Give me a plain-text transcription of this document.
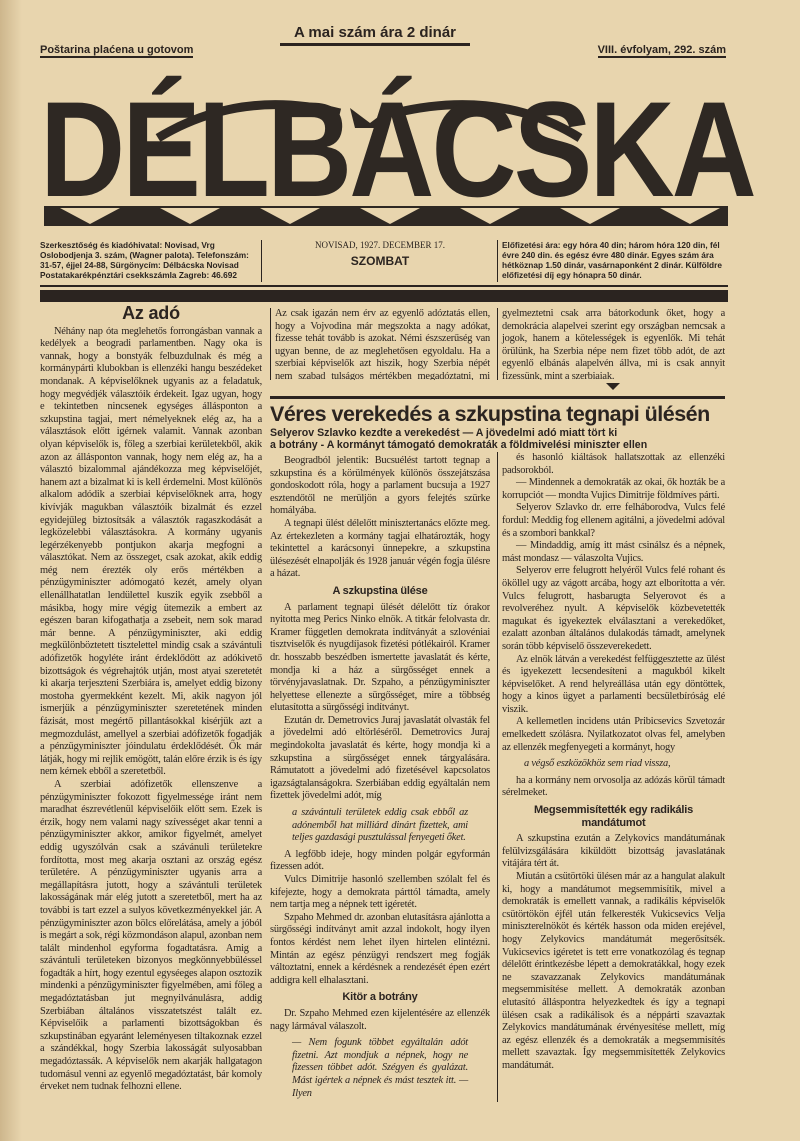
A mai szám ára 2 dinár
Poštarina plaćena u gotovom	VIII. évfolyam, 292. szám
DÉLBÁCSKA
Szerkesztőség és kiadóhivatal: Novisad, Vrg Oslobodjenja 3. szám, (Wagner palota). Telefonszám: 31-57, éjjel 24-88, Sürgönycím: Délbácska Novisad Postatakarékpénztári csekkszámla Zagreb: 46.692
NOVISAD, 1927. DECEMBER 17.
SZOMBAT
Előfizetési ára: egy hóra 40 din; három hóra 120 din, fél évre 240 din. és egész évre 480 dinár. Egyes szám ára hétköznap 1.50 dinár, vasárnaponként 2 dinár. Külföldre előfizetési díj egy hónapra 50 dinár.
Az adó

Néhány nap óta meglehetős forrongásban vannak a kedélyek a beogradi parlamentben. Nagy oka is vannak, hogy a bonstyák felbuzdulnak és még a kormánypárti klubokban is ellenzéki hangu beszédeket mondanak. A képviselőknek ugyanis az a feladatuk, hogy megvédjék választóik érdekeit. Igaz ugyan, hogy e tekintetben nincsenek egységes állásponton a szkupstina tagjai, mert némelyeknek elég az, ha a választások előtt igérnek valamit. Vannak azonban olyan képviselők is, főleg a szerbiai kerületekből, akik azon az állásponton vannak, hogy nem elég az, ha a választó bizalommal ajándékozza meg képviselőjét, hanem azt a bizalmat ki is kell érdemelni. Most különös alkalom adódik a szerbiai képviselőknek arra, hogy kivívják magukban választóik bizalmát és ezzel egyidejűleg biztosítsák a választók ragaszkodását a legközelebbi választásokra. A kormány ugyanis legérzékenyebb pontjukon akarja megfogni a választókat. Nem az összeget, csak azokat, akik eddig még nem érezték oly erős mértékben a pénzügyminiszter adómogató kezét, amely olyan ellenállhatatlan lendülettel kuszik egyik zsebből a másikba, hogy mire végig ütemezik a embert az egészen baran kifogathatja a zsebeit, nem sok marad már benne. A pénzügyminiszter, aki eddig megkülönböztetett tisztelettel mindig csak a szávántuli adófizetők hogyléte iránt érdeklődött az adókivető bizottságok és végrehajtók utján, most atyai szeretetét ki akarja terjeszteni Szerbiára is, amelyet eddig bizony mostoha gyermekként kezelt. Mi, akik nagyon jól ismerjük a pénzügyminiszter szeretetének minden fázisát, most megértő pillantásokkal kisérjük azt a megmozdulást, amellyel a szerbiai adófizetők fogadják a pénzügyminiszter jóindulatu érdeklődését. Ők már látják, hogy mi rejlik emögött, talán előre érzik is és így nem kérnek ebből a szeretetből.

A szerbiai adófizetők ellenszenve a pénzügyminiszter fokozott figyelmessége iránt nem maradhat észrevétlenül képviselőik előtt sem. Ezek is érzik, hogy nem valami nagy szívességet akar tenni a pénzügyminiszter akkor, amikor figyelmét, amelyet eddig ugyszólván csak a szávánuli területekre fordította, most meg akarja osztani az ország egész területére. A pénzügyminiszter ugyanis arra a megállapításra jutott, hogy a szávántuli területek lakosságának már elég jutott a szeretetből, mert ha az további is tart ezzel a sulyos következményekkel jár. A pénzügyminiszter azon bölcs előrelátása, amely a jóból is megárt a sok, régi közmondáson alapul, azonban nem talált mindenhol egyforma fogadtatásra. Amig a szávántuli területeken bizonyos megkönnyebbüléssel fogadták a hírt, hogy ezentul egyséeges alapon osztozik mindenki a pénzügyminiszter figyelmében, ami főleg a megadóztatásban jut megnyilvánulásra, addig Szerbiában általános visszatetszést talált ez. Képviselőik a parlamenti bizottságokban és szkupstinában egyaránt leleményesen tiltakoznak ezzel a szándékkal, hogy Szerbia lakosságát sulyosabban megadóztassák. A képviselők nem akarják hallgatagon tudomásul venni az egyenlő megadóztatást, bár komoly érveket nem tudnak felhozni ellene.

Az csak igazán nem érv az egyenlő adóztatás ellen, hogy a Vojvodina már megszokta a nagy adókat, fizesse tehát tovább is azokat. Némi észszerűség van ugyan benne, de az meglehetősen egyoldalu. Ha a szerbiai képviselők azt hiszik, hogy Szerbia népét nem szabad tulságos mértékben megadóztatni, mi
gyelmeztetni csak arra bátorkodunk őket, hogy a demokrácia alapelvei szerint egy országban nemcsak a jogok, hanem a kötelességek is egyenlők. Mi tehát örülünk, ha Szerbia népe nem fizet több adót, de azt egyenlő elbánás alapelvén állva, mi is csak annyit fizessünk, mint a szerbiaiak.
Véres verekedés a szkupstina tegnapi ülésén
Selyerov Szlavko kezdte a verekedést — A jövedelmi adó miatt tört ki
a botrány - A kormányt támogató demokraták a földmivelési miniszter ellen

Beogradból jelentik: Bucsuélést tartott tegnap a szkupstina és a körülmények különös összejátszása gondoskodott róla, hogy a parlament bucsuja a 1927 esztendőtől ne merüljön a gyors felejtés szürke homályába.

A tegnapi ülést délelőtt minisztertanács előzte meg. Az értekezleten a kormány tagjai elhatározták, hogy tekintettel a karácsonyi ünnepekre, a szkupstina ülésezését elnapolják és 1928 január végén fogja ülésre a házat.

A szkupstina ülése

A parlament tegnapi ülését délelőtt tíz órakor nyitotta meg Perics Ninko elnök. A titkár felolvasta dr. Kramer független demokrata indítványát a szlovéniai tisztviselők és nyugdíjasok fizetési pótlékairól. Kramer dr. hosszabb beszédben ismertette javaslatát és kérte, mondja ki a ház a sürgősséget ennek a törvényjavaslatnak. Dr. Szpaho, a pénzügyminiszter helyettese ellenezte a sürgősséget, mire a többség elutasította a sürgősségi indítványt.

Ezután dr. Demetrovics Juraj javaslatát olvasták fel a jövedelmi adó eltörléséről. Demetrovics Juraj megindokolta javaslatát és kérte, hogy mondja ki a szkupstina a sürgősséget ennek tárgyalására. Rámutatott a jövedelmi adó fizetésével kapcsolatos igazságtalanságokra. Szerbiában eddig egyáltalán nem fizettek jövedelmi adót, míg

a szávántuli területek eddig csak ebből az adónemből hat milliárd dinárt fizettek, ami teljes gazdasági pusztulással fenyegeti őket.

A legfőbb ideje, hogy minden polgár egyformán fizessen adót.

Vulcs Dimitrije hasonló szellemben szólalt fel és kifejezte, hogy a demokrata párttól támadta, amely nem tartja meg a népnek tett igéretét.

Szpaho Mehmed dr. azonban elutasításra ajánlotta a sürgősségi indítványt amit azzal indokolt, hogy ilyen fontos kérdést nem lehet ilyen hirtelen elintézni. Mintán az egész pénzügyi rendszert meg fogják változtatni, ennek a kérdésnek a rendezését épen ezért addigra kell elhalasztani.

Kitör a botrány

Dr. Szpaho Mehmed ezen kijelentésére az ellenzék nagy lármával válaszolt.

— Nem fogunk többet egyáltalán adót fizetni. Azt mondjuk a népnek, hogy ne fizessen többet adót. Szégyen és gyalázat. Mást igértek a népnek és mást tesztek itt. — Ilyen

és hasonló kiáltások hallatszottak az ellenzéki padsorokból.

— Mindennek a demokraták az okai, ők hozták be a korrupciót — mondta Vujics Dimitrije földmíves párti.

Selyerov Szlavko dr. erre felháborodva, Vulcs felé fordul: Meddig fog ellenem agitálni, a jövedelmi adóval és a szombori bankkal?

— Mindaddig, amíg itt mást csinálsz és a népnek, mást mondasz — válaszolta Vujics.

Selyerov erre felugrott helyéről Vulcs felé rohant és ököllel ugy az vágott arcába, hogy azt elborította a vér. Vulcs felugrott, hasbarugta Selyerovot és a revolveréhez nyult. A képviselők közbevetették magukat és igyekeztek elválasztani a verekedőket, ezalatt azonban általános dulakodás támadt, amelynek során több képviselő összeverekedett.

Az elnök látván a verekedést felfüggesztette az ülést és igyekezett lecsendesíteni a magukból kikelt képviselőket. A rend helyreállása után egy döntöttek, hogy a kinos ügyet a parlamenti becsületbíróság elé viszik.

A kellemetlen incidens után Pribicsevics Szvetozár emelkedett szólásra. Nyilatkozatot olvas fel, amelyben az ellenzék megfenyegeti a kormányt, hogy

a végső eszközökhöz sem riad vissza,

ha a kormány nem orvosolja az adózás körül támadt sérelmeket.

Megsemmisítették egy radikális mandátumot

A szkupstina ezután a Zelykovics mandátumának felülvizsgálására kiküldött bizottság javaslatának vitájára tért át.

Miután a csütörtöki ülésen már az a hangulat alakult ki, hogy a mandátumot megsemmisítik, mivel a demokraták is emellett vannak, a radikális képviselők csütörtökön éjfél után felkeresték Vukicsevics Velja miniszterelnököt és kérték hasson oda miden erejével, hogy Zelykovics mandátumát megerősítsék. Vukicsevics igéretet is tett erre vonatkozólag és tegnap délelőtt érintkezésbe lépett a demokratákkal, hogy ezek ne szavazzanak Zelykovics mandátumának megsemmisítése mellett. A demokraták azonban elutasító álláspontra helyezkedtek és így a tegnapi ülésen csak a radikálisok és a néppárti szavaztak Zelykovics mandátumának érvényesítése mellett, míg az egész ellenzék és a demokraták a megsemmisítés mellett szavaztak. Így megsemmisítették Zelykovics mandátumát.
